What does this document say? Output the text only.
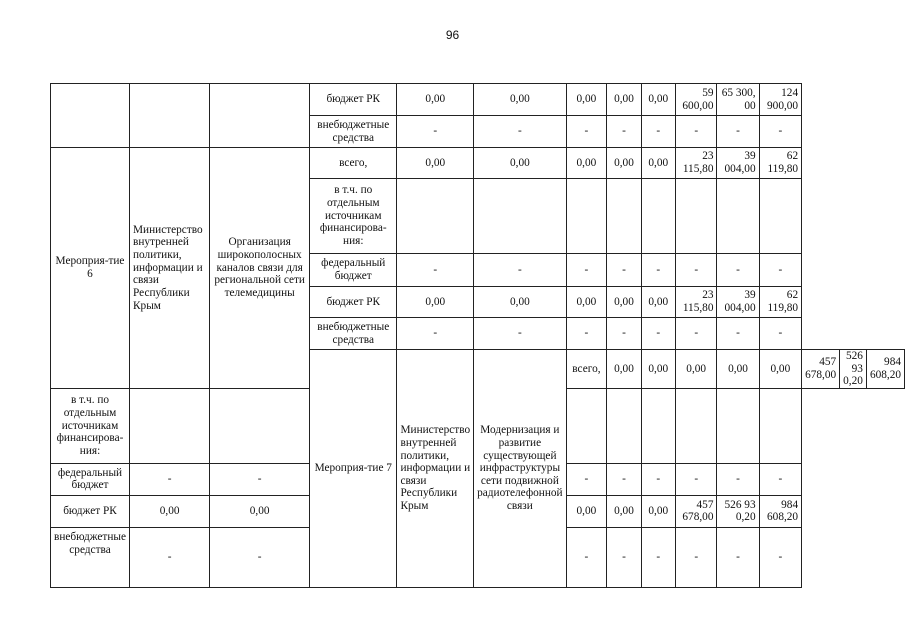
96
			бюджет РК	0,00	0,00	0,00	0,00	0,00	59 600,00	65 300, 00	124 900,00			
			внебюджетные средства	-	-	-	-	-	-	-	-			
Мероприя-тие 6	Министерство внутренней политики, информации и связи Республики Крым	Организация широкополосных каналов связи для региональной сети телемедицины	всего,	0,00	0,00	0,00	0,00	0,00	23 115,80	39 004,00	62 119,80			
			в т.ч. по отдельным источникам финансирова-ния:											
			федеральный бюджет	-	-	-	-	-	-	-	-			
			бюджет РК	0,00	0,00	0,00	0,00	0,00	23 115,80	39 004,00	62 119,80			
			внебюджетные средства	-	-	-	-	-	-	-	-			
			Мероприя-тие 7	Министерство внутренней политики, информации и связи Республики Крым	Модернизация и развитие существующей инфраструктуры сети подвижной радиотелефонной связи	всего,	0,00	0,00	0,00	0,00	0,00	457 678,00	526 93 0,20	984 608,20
в т.ч. по отдельным источникам финансирова-ния:														
федеральный бюджет	-	-				-	-	-	-	-	-			
бюджет РК	0,00	0,00				0,00	0,00	0,00	457 678,00	526 93 0,20	984 608,20			
внебюджетные средства	-	-				-	-	-	-	-	-			
